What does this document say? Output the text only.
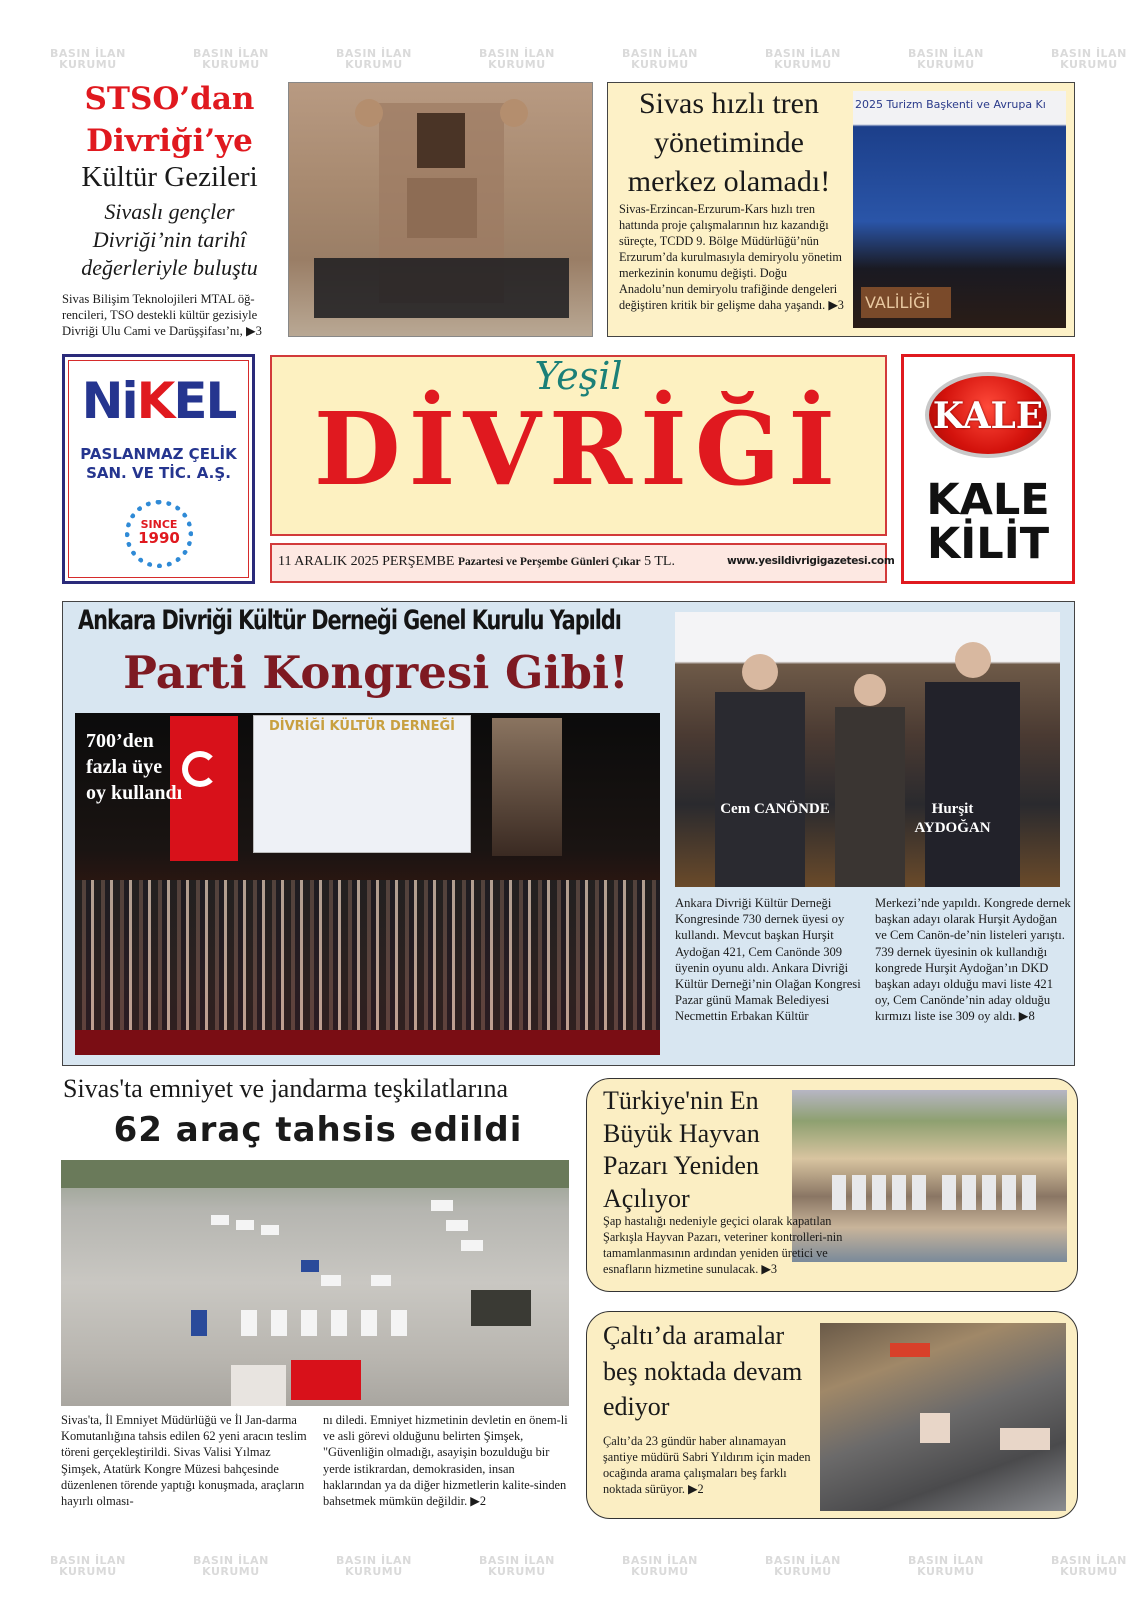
STSO’dan Divriği’ye
Kültür Gezileri
Sivaslı gençler Divriği’nin tarihî değerleriyle buluştu
Sivas Bilişim Teknolojileri MTAL öğ-rencileri, TSO destekli kültür gezisiyle Divriği Ulu Cami ve Darüşşifası’nı, ▶3
Sivas hızlı tren yönetiminde merkez olamadı!
Sivas-Erzincan-Erzurum-Kars hızlı tren hattında proje çalışmalarının hız kazandığı süreçte, TCDD 9. Bölge Müdürlüğü’nün Erzurum’da kurulmasıyla demiryolu yönetim merkezinin konumu değişti. Doğu Anadolu’nun demiryolu trafiğinde dengeleri değiştiren kritik bir gelişme daha yaşandı. ▶3
2025 Turizm Başkenti ve Avrupa Kı
VALİLİĞİ
NiKEL
PASLANMAZ ÇELİK
SAN. VE TİC. A.Ş.
SINCE
1990
Yeşil
DİVRİĞİ
11 ARALIK 2025 PERŞEMBE Pazartesi ve Perşembe Günleri Çıkar 5 TL.	www.yesildivrigigazetesi.com
KALE
KALE
KİLİT
Ankara Divriği Kültür Derneği Genel Kurulu Yapıldı
Parti Kongresi Gibi!
DİVRİĞİ KÜLTÜR DERNEĞİ
700’den fazla üye oy kullandı
Cem CANÖNDE	Hurşit AYDOĞAN
Ankara Divriği Kültür Derneği Kongresinde 730 dernek üyesi oy kullandı. Mevcut başkan Hurşit Aydoğan 421, Cem Canönde 309 üyenin oyunu aldı. Ankara Divriği Kültür Derneği’nin Olağan Kongresi Pazar günü Mamak Belediyesi Necmettin Erbakan Kültür
Merkezi’nde yapıldı. Kongrede dernek başkan adayı olarak Hurşit Aydoğan ve Cem Canön-de’nin listeleri yarıştı. 739 dernek üyesinin ok kullandığı kongrede Hurşit Aydoğan’ın DKD başkan adayı olduğu mavi liste 421 oy, Cem Canönde’nin aday olduğu kırmızı liste ise 309 oy aldı. ▶8
Sivas'ta emniyet ve jandarma teşkilatlarına
62 araç tahsis edildi
Sivas'ta, İl Emniyet Müdürlüğü ve İl Jan-darma Komutanlığına tahsis edilen 62 yeni aracın teslim töreni gerçekleştirildi. Sivas Valisi Yılmaz Şimşek, Atatürk Kongre Müzesi bahçesinde düzenlenen törende yaptığı konuşmada, araçların hayırlı olması-
nı diledi. Emniyet hizmetinin devletin en önem-li ve asli görevi olduğunu belirten Şimşek, "Güvenliğin olmadığı, asayişin bozulduğu bir yerde istikrardan, demokrasiden, insan haklarından ya da diğer hizmetlerin kalite-sinden bahsetmek mümkün değildir. ▶2
Türkiye'nin En Büyük Hayvan Pazarı Yeniden Açılıyor
Şap hastalığı nedeniyle geçici olarak kapatılan Şarkışla Hayvan Pazarı, veteriner kontrolleri-nin tamamlanmasının ardından yeniden üretici ve esnafların hizmetine sunulacak. ▶3
Çaltı’da aramalar beş noktada devam ediyor
Çaltı’da 23 gündür haber alınamayan şantiye müdürü Sabri Yıldırım için maden ocağında arama çalışmaları beş farklı noktada sürüyor. ▶2
BASIN İLAN
KURUMU
BASIN İLAN
KURUMU
BASIN İLAN
KURUMU
BASIN İLAN
KURUMU
BASIN İLAN
KURUMU
BASIN İLAN
KURUMU
BASIN İLAN
KURUMU
BASIN İLAN
KURUMU
BASIN İLAN
KURUMU
BASIN İLAN
KURUMU
BASIN İLAN
KURUMU
BASIN İLAN
KURUMU
BASIN İLAN
KURUMU
BASIN İLAN
KURUMU
BASIN İLAN
KURUMU
BASIN İLAN
KURUMU
